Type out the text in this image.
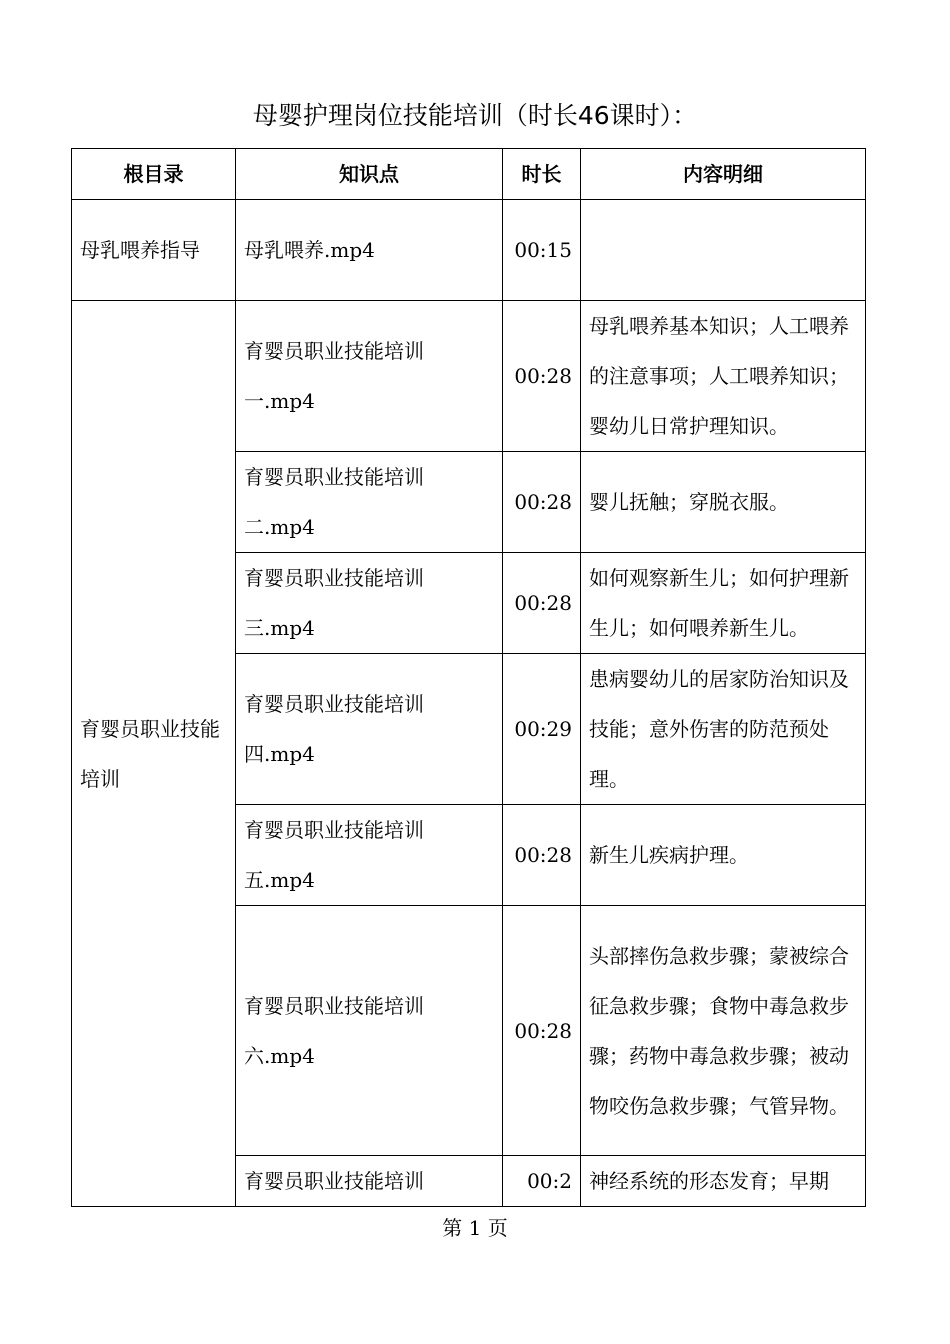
母婴护理岗位技能培训（时长46课时）：
根目录	知识点	时长	内容明细
母乳喂养指导	母乳喂养.mp4	00:15	
育婴员职业技能培训	育婴员职业技能培训一.mp4	00:28	母乳喂养基本知识；人工喂养的注意事项；人工喂养知识；婴幼儿日常护理知识。
	育婴员职业技能培训二.mp4	00:28	婴儿抚触；穿脱衣服。
	育婴员职业技能培训三.mp4	00:28	如何观察新生儿；如何护理新生儿；如何喂养新生儿。
	育婴员职业技能培训四.mp4	00:29	患病婴幼儿的居家防治知识及技能；意外伤害的防范预处理。
	育婴员职业技能培训五.mp4	00:28	新生儿疾病护理。
	育婴员职业技能培训六.mp4	00:28	头部摔伤急救步骤；蒙被综合征急救步骤；食物中毒急救步骤；药物中毒急救步骤；被动物咬伤急救步骤；气管异物。
	育婴员职业技能培训	00:2	神经系统的形态发育；早期
第 1 页
